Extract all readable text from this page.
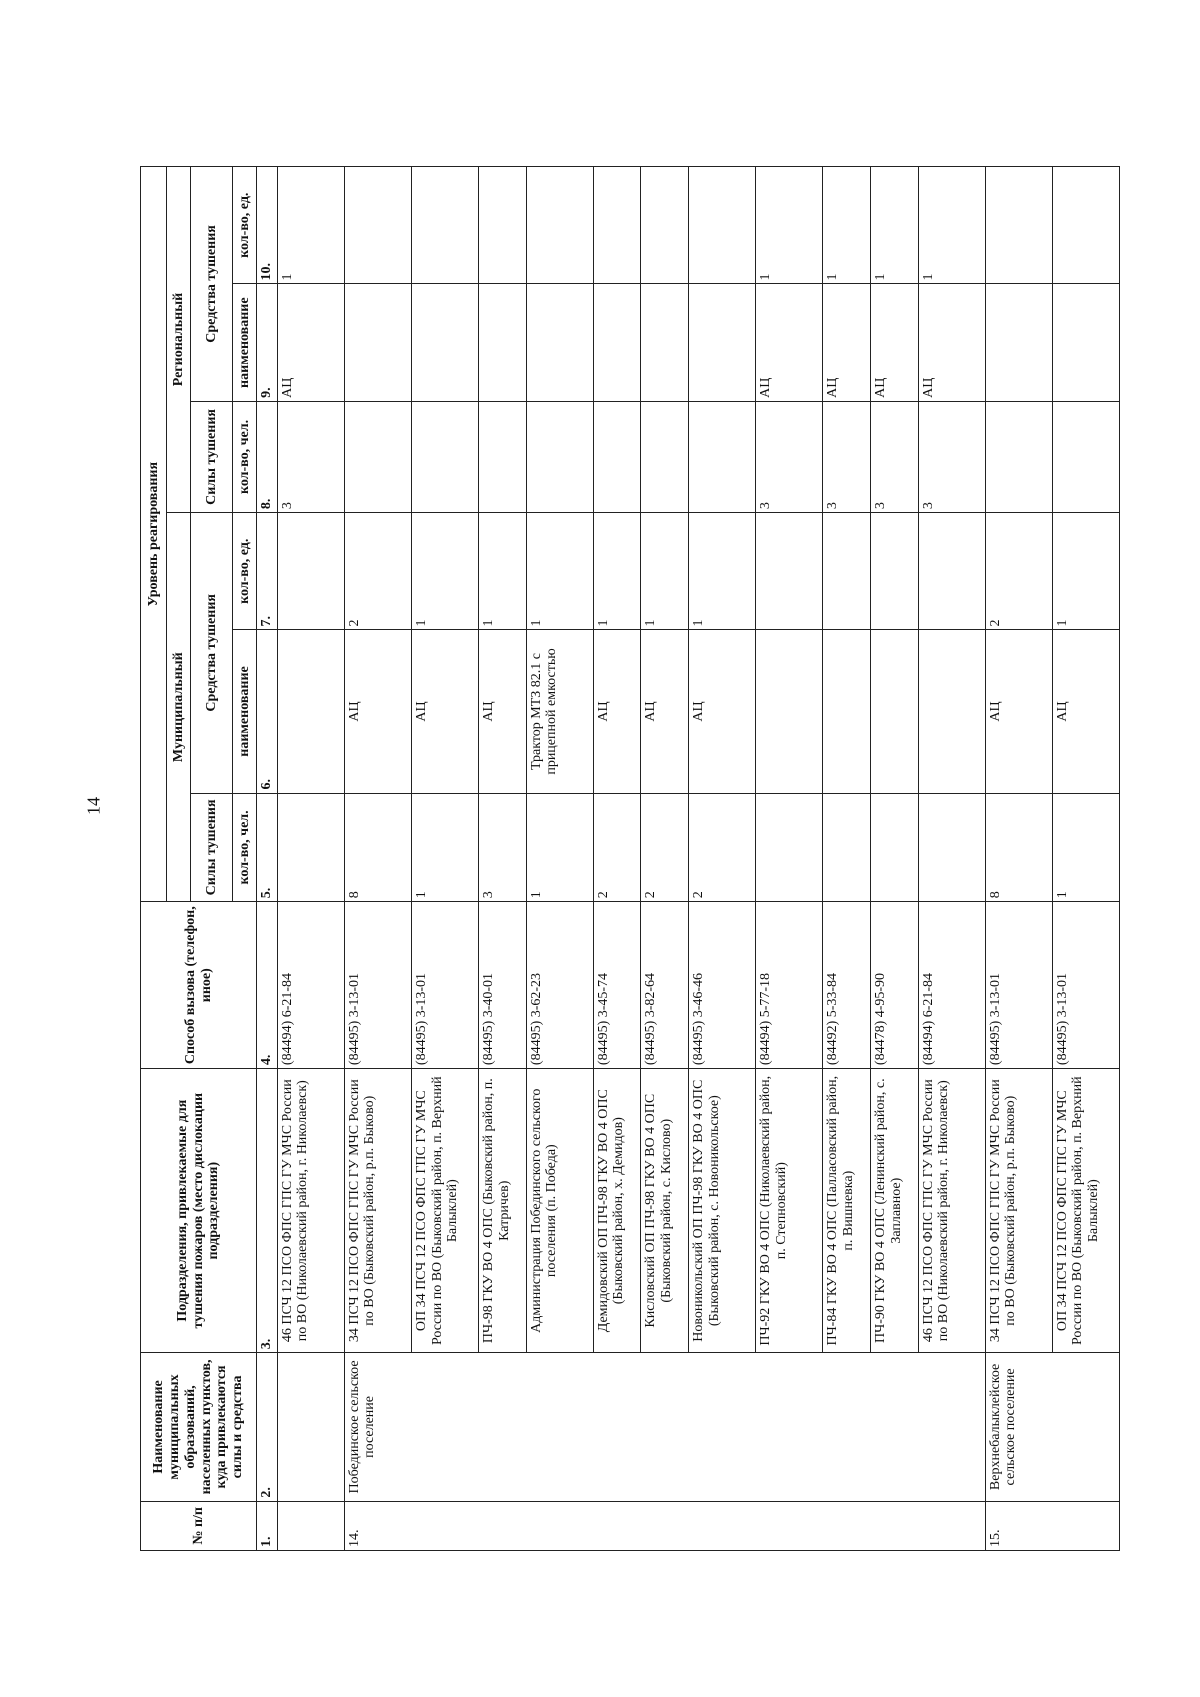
14
№ п/п	Наименование муниципальных образований, населенных пунктов, куда привлекаются силы и средства	Подразделения, привлекаемые для тушения пожаров (место дислокации подразделения)	Способ вызова (телефон, иное)	Уровень реагирования					
				Муниципальный			Региональный		
				Силы тушения	Средства тушения		Силы тушения	Средства тушения	
				кол-во, чел.	наименование	кол-во, ед.	кол-во, чел.	наименование	кол-во, ед.
1.	2.	3.	4.	5.	6.	7.	8.	9.	10.
		46 ПСЧ 12 ПСО ФПС ГПС ГУ МЧС России по ВО (Николаевский район, г. Николаевск)	(84494) 6-21-84				3	АЦ	1
14.	Побединское сельское поселение	34 ПСЧ 12 ПСО ФПС ГПС ГУ МЧС России по ВО (Быковский район, р.п. Быково)	(84495) 3-13-01	8	АЦ	2			
		ОП 34 ПСЧ 12 ПСО ФПС ГПС ГУ МЧС России по ВО (Быковский район, п. Верхний Балыклей)	(84495) 3-13-01	1	АЦ	1			
		ПЧ-98 ГКУ ВО 4 ОПС (Быковский район, п. Катричев)	(84495) 3-40-01	3	АЦ	1			
		Администрация Побединского сельского поселения (п. Победа)	(84495) 3-62-23	1	Трактор МТЗ 82.1 с прицепной емкостью	1			
		Демидовский ОП ПЧ-98 ГКУ ВО 4 ОПС (Быковский район, х. Демидов)	(84495) 3-45-74	2	АЦ	1			
		Кисловский ОП ПЧ-98 ГКУ ВО 4 ОПС (Быковский район, с. Кислово)	(84495) 3-82-64	2	АЦ	1			
		Новоникольский ОП ПЧ-98 ГКУ ВО 4 ОПС (Быковский район, с. Новоникольское)	(84495) 3-46-46	2	АЦ	1			
		ПЧ-92 ГКУ ВО 4 ОПС (Николаевский район, п. Степновский)	(84494) 5-77-18				3	АЦ	1
		ПЧ-84 ГКУ ВО 4 ОПС (Палласовский район, п. Вишневка)	(84492) 5-33-84				3	АЦ	1
		ПЧ-90 ГКУ ВО 4 ОПС (Ленинский район, с. Заплавное)	(84478) 4-95-90				3	АЦ	1
		46 ПСЧ 12 ПСО ФПС ГПС ГУ МЧС России по ВО (Николаевский район, г. Николаевск)	(84494) 6-21-84				3	АЦ	1
15.	Верхнебалыклейское сельское поселение	34 ПСЧ 12 ПСО ФПС ГПС ГУ МЧС России по ВО (Быковский район, р.п. Быково)	(84495) 3-13-01	8	АЦ	2			
		ОП 34 ПСЧ 12 ПСО ФПС ГПС ГУ МЧС России по ВО (Быковский район, п. Верхний Балыклей)	(84495) 3-13-01	1	АЦ	1			
